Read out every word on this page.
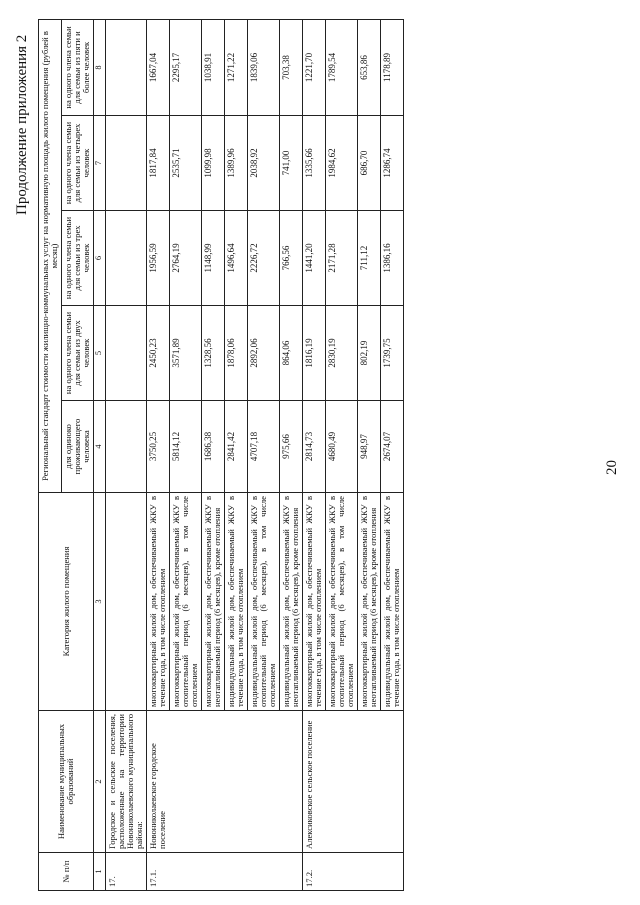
20
Продолжение приложения 2
№ п/п	Наименование муниципальных образований	Категория жилого помещения	Региональный стандарт стоимости жилищно-коммунальных услуг на нормативную площадь жилого помещения (рублей в месяц)				
			для одиноко проживающего человека	на одного члена семьи для семьи из двух человек	на одного члена семьи для семьи из трех человек	на одного члена семьи для семьи из четырех человек	на одного члена семьи для семьи из пяти и более человек
1	2	3	4	5	6	7	8
17.	Городское и сельские поселения, расположенные на территории Новониколаевского муниципального района:						
17.1.	Новониколаевское городское поселение	многоквартирный жилой дом, обеспечиваемый ЖКУ в течение года, в том числе отоплением	3750,25	2450,23	1956,59	1817,84	1667,04
		многоквартирный жилой дом, обеспечиваемый ЖКУ в отопительный период (6 месяцев), в том числе отоплением	5814,12	3571,89	2764,19	2535,71	2295,17
		многоквартирный жилой дом, обеспечиваемый ЖКУ в неотапливаемый период (6 месяцев), кроме отопления	1686,38	1328,56	1148,99	1099,98	1038,91
		индивидуальный жилой дом, обеспечиваемый ЖКУ в течение года, в том числе отоплением	2841,42	1878,06	1496,64	1389,96	1271,22
		индивидуальный жилой дом, обеспечиваемый ЖКУ в отопительный период (6 месяцев), в том числе отоплением	4707,18	2892,06	2226,72	2038,92	1839,06
		индивидуальный жилой дом, обеспечиваемый ЖКУ в неотапливаемый период (6 месяцев), кроме отопления	975,66	864,06	766,56	741,00	703,38
17.2.	Алексиковское сельское поселение	многоквартирный жилой дом, обеспечиваемый ЖКУ в течение года, в том числе отоплением	2814,73	1816,19	1441,20	1335,66	1221,70
		многоквартирный жилой дом, обеспечиваемый ЖКУ в отопительный период (6 месяцев), в том числе отоплением	4680,49	2830,19	2171,28	1984,62	1789,54
		многоквартирный жилой дом, обеспечиваемый ЖКУ в неотапливаемый период (6 месяцев), кроме отопления	948,97	802,19	711,12	686,70	653,86
		индивидуальный жилой дом, обеспечиваемый ЖКУ в течение года, в том числе отоплением	2674,07	1739,75	1386,16	1286,74	1178,89
